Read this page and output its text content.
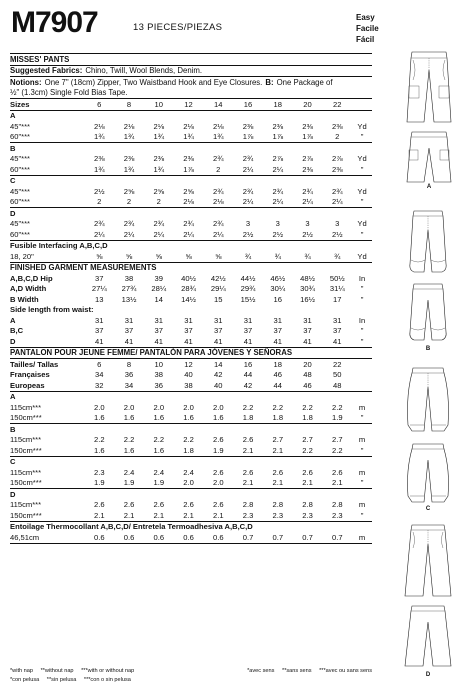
M7907	13 PIECES/PIEZAS
Easy
Facile
Fácil
MISSES' PANTS
Suggested Fabrics: Chino, Twill, Wool Blends, Denim.
Notions: One 7" (18cm) Zipper, Two Waistband Hook and Eye Closures. B: One Package of
½" (1.3cm) Single Fold Bias Tape.
Sizes	6	8	10	12	14	16	18	20	22
A
45"***	2⅛	2⅛	2⅛	2⅛	2⅛	2⅜	2⅜	2⅜	2⅜	Yd
60"***	1¾	1¾	1¾	1¾	1¾	1⅞	1⅞	1⅞	2	"
B
45"***	2⅜	2⅜	2⅜	2⅜	2¾	2¾	2⅞	2⅞	2⅞	Yd
60"***	1¾	1¾	1¾	1⅞	2	2¼	2¼	2⅜	2⅜	"
C
45"***	2½	2⅝	2⅝	2⅝	2¾	2¾	2¾	2¾	2¾	Yd
60"***	2	2	2	2⅛	2⅛	2¼	2¼	2¼	2¼	"
D
45"***	2¾	2¾	2¾	2¾	2¾	3	3	3	3	Yd
60"***	2¼	2¼	2¼	2¼	2¼	2½	2½	2½	2½	"
Fusible Interfacing A,B,C,D
18, 20"	⅝	⅝	⅝	⅝	⅝	¾	¾	¾	¾	Yd
FINISHED GARMENT MEASUREMENTS
A,B,C,D Hip	37	38	39	40½	42½	44½	46½	48½	50½	In
A,D Width	27¼	27¾	28¼	28¾	29¼	29¾	30¼	30¾	31¼	"
B Width	13	13½	14	14½	15	15½	16	16½	17	"
Side length from waist:
A	31	31	31	31	31	31	31	31	31	In
B,C	37	37	37	37	37	37	37	37	37	"
D	41	41	41	41	41	41	41	41	41	"
PANTALON POUR JEUNE FEMME/ PANTALÓN PARA JÓVENES Y SEÑORAS
Tailles/ Tallas	6	8	10	12	14	16	18	20	22
Françaises	34	36	38	40	42	44	46	48	50
Europeas	32	34	36	38	40	42	44	46	48
A
115cm***	2.0	2.0	2.0	2.0	2.0	2.2	2.2	2.2	2.2	m
150cm***	1.6	1.6	1.6	1.6	1.6	1.8	1.8	1.8	1.9	"
B
115cm***	2.2	2.2	2.2	2.2	2.6	2.6	2.7	2.7	2.7	m
150cm***	1.6	1.6	1.6	1.8	1.9	2.1	2.1	2.2	2.2	"
C
115cm***	2.3	2.4	2.4	2.4	2.6	2.6	2.6	2.6	2.6	m
150cm***	1.9	1.9	1.9	2.0	2.0	2.1	2.1	2.1	2.1	"
D
115cm***	2.6	2.6	2.6	2.6	2.6	2.8	2.8	2.8	2.8	m
150cm***	2.1	2.1	2.1	2.1	2.1	2.3	2.3	2.3	2.3	"
Entoilage Thermocollant A,B,C,D/ Entretela Termoadhesiva A,B,C,D
46,51cm	0.6	0.6	0.6	0.6	0.6	0.7	0.7	0.7	0.7	m
*with nap **without nap ***with or without nap	*avec sens **sans sens ***avec ou sans sens
*con pelusa **sin pelusa ***con o sin pelusa
A
B
C
D
